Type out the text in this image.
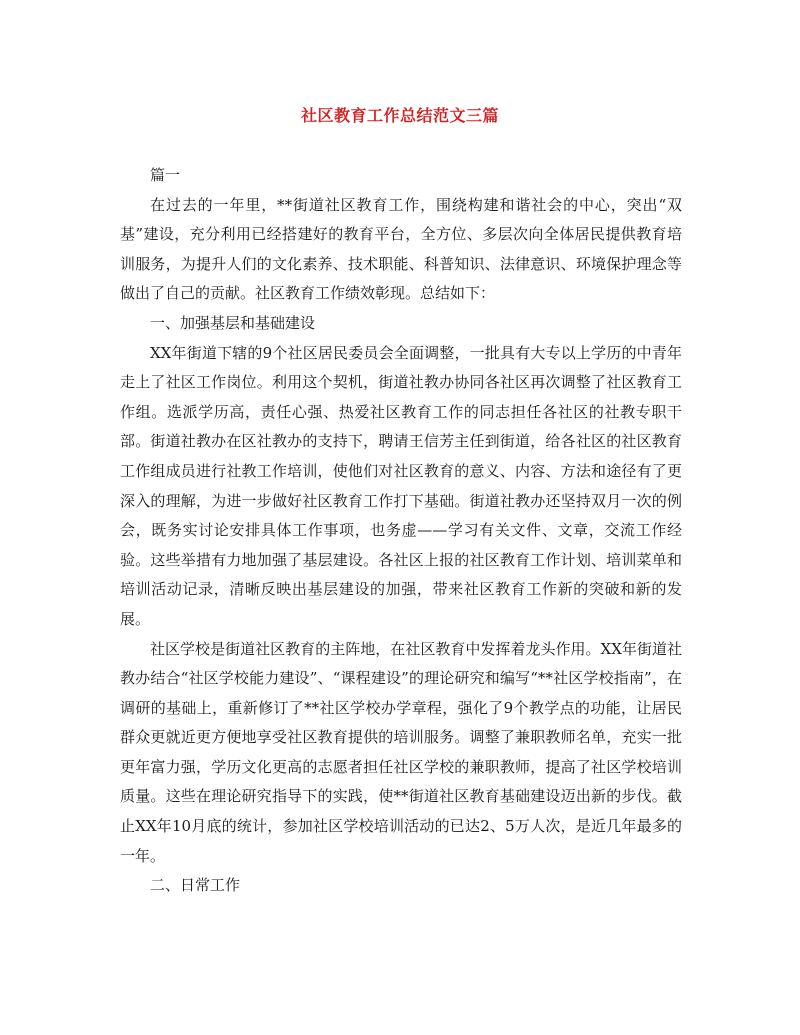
社区教育工作总结范文三篇

篇一

在过去的一年里，**街道社区教育工作，围绕构建和谐社会的中心，突出“双基”建设，充分利用已经搭建好的教育平台，全方位、多层次向全体居民提供教育培训服务，为提升人们的文化素养、技术职能、科普知识、法律意识、环境保护理念等做出了自己的贡献。社区教育工作绩效彰现。总结如下：

一、加强基层和基础建设

XX年街道下辖的9个社区居民委员会全面调整，一批具有大专以上学历的中青年走上了社区工作岗位。利用这个契机，街道社教办协同各社区再次调整了社区教育工作组。选派学历高，责任心强、热爱社区教育工作的同志担任各社区的社教专职干部。街道社教办在区社教办的支持下，聘请王信芳主任到街道，给各社区的社区教育工作组成员进行社教工作培训，使他们对社区教育的意义、内容、方法和途径有了更深入的理解，为进一步做好社区教育工作打下基础。街道社教办还坚持双月一次的例会，既务实讨论安排具体工作事项，也务虚——学习有关文件、文章，交流工作经验。这些举措有力地加强了基层建设。各社区上报的社区教育工作计划、培训菜单和培训活动记录，清晰反映出基层建设的加强，带来社区教育工作新的突破和新的发展。

社区学校是街道社区教育的主阵地，在社区教育中发挥着龙头作用。XX年街道社教办结合“社区学校能力建设”、“课程建设”的理论研究和编写“**社区学校指南”，在调研的基础上，重新修订了**社区学校办学章程，强化了9个教学点的功能，让居民群众更就近更方便地享受社区教育提供的培训服务。调整了兼职教师名单，充实一批更年富力强，学历文化更高的志愿者担任社区学校的兼职教师，提高了社区学校培训质量。这些在理论研究指导下的实践，使**街道社区教育基础建设迈出新的步伐。截止XX年10月底的统计，参加社区学校培训活动的已达2、5万人次，是近几年最多的一年。

二、日常工作
